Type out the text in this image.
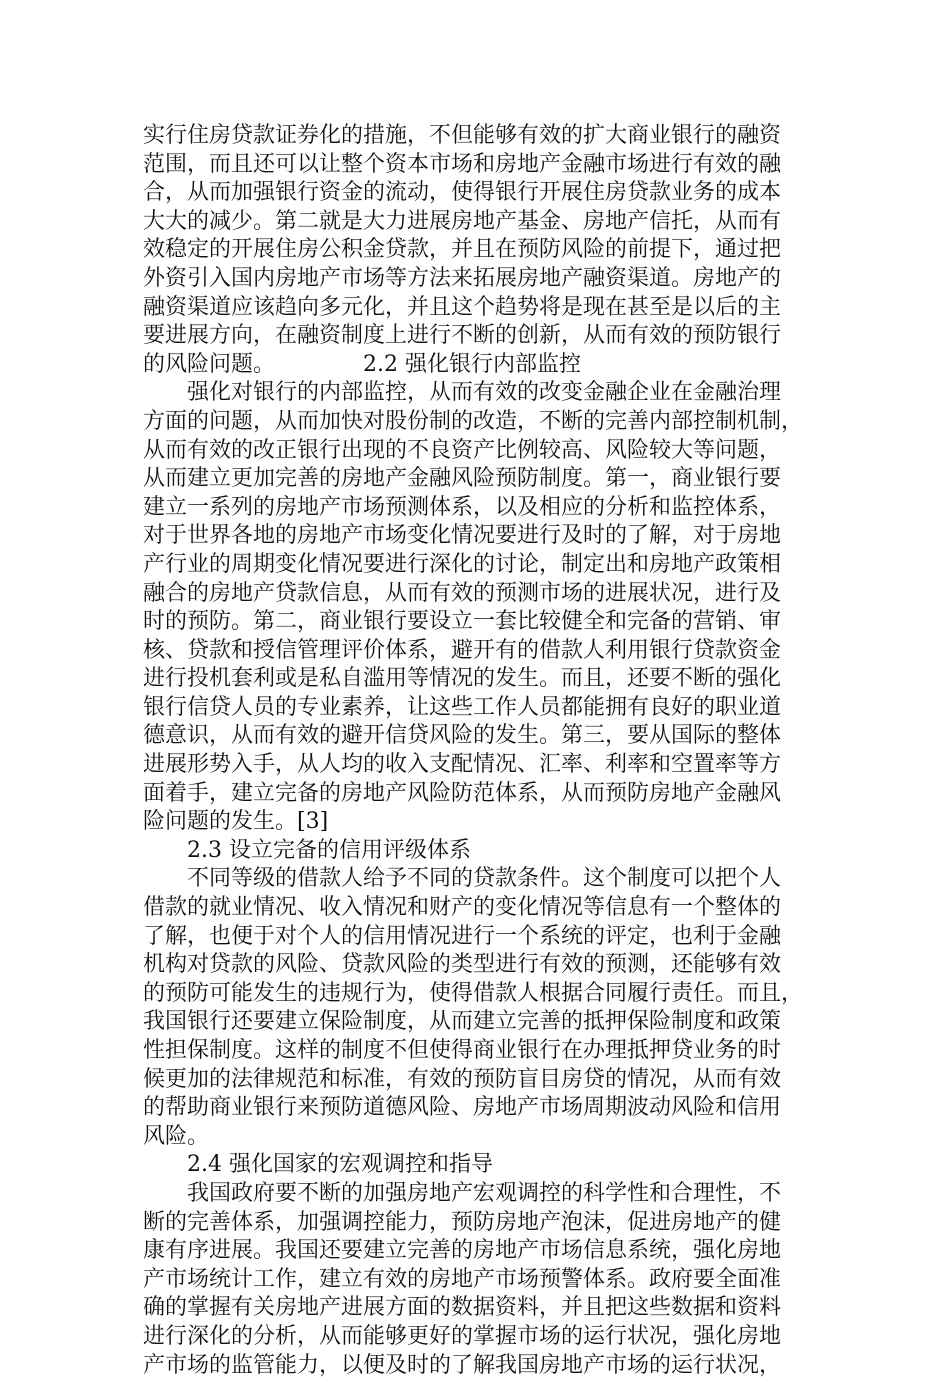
实行住房贷款证券化的措施，不但能够有效的扩大商业银行的融资
范围，而且还可以让整个资本市场和房地产金融市场进行有效的融
合，从而加强银行资金的流动，使得银行开展住房贷款业务的成本
大大的减少。第二就是大力进展房地产基金、房地产信托，从而有
效稳定的开展住房公积金贷款，并且在预防风险的前提下，通过把
外资引入国内房地产市场等方法来拓展房地产融资渠道。房地产的
融资渠道应该趋向多元化，并且这个趋势将是现在甚至是以后的主
要进展方向，在融资制度上进行不断的创新，从而有效的预防银行
的风险问题。	2.2 强化银行内部监控
　　强化对银行的内部监控，从而有效的改变金融企业在金融治理
方面的问题，从而加快对股份制的改造，不断的完善内部控制机制，
从而有效的改正银行出现的不良资产比例较高、风险较大等问题，
从而建立更加完善的房地产金融风险预防制度。第一，商业银行要
建立一系列的房地产市场预测体系，以及相应的分析和监控体系，
对于世界各地的房地产市场变化情况要进行及时的了解，对于房地
产行业的周期变化情况要进行深化的讨论，制定出和房地产政策相
融合的房地产贷款信息，从而有效的预测市场的进展状况，进行及
时的预防。第二，商业银行要设立一套比较健全和完备的营销、审
核、贷款和授信管理评价体系，避开有的借款人利用银行贷款资金
进行投机套利或是私自滥用等情况的发生。而且，还要不断的强化
银行信贷人员的专业素养，让这些工作人员都能拥有良好的职业道
德意识，从而有效的避开信贷风险的发生。第三，要从国际的整体
进展形势入手，从人均的收入支配情况、汇率、利率和空置率等方
面着手，建立完备的房地产风险防范体系，从而预防房地产金融风
险问题的发生。[3]
　　2.3 设立完备的信用评级体系
　　不同等级的借款人给予不同的贷款条件。这个制度可以把个人
借款的就业情况、收入情况和财产的变化情况等信息有一个整体的
了解，也便于对个人的信用情况进行一个系统的评定，也利于金融
机构对贷款的风险、贷款风险的类型进行有效的预测，还能够有效
的预防可能发生的违规行为，使得借款人根据合同履行责任。而且，
我国银行还要建立保险制度，从而建立完善的抵押保险制度和政策
性担保制度。这样的制度不但使得商业银行在办理抵押贷业务的时
候更加的法律规范和标准，有效的预防盲目房贷的情况，从而有效
的帮助商业银行来预防道德风险、房地产市场周期波动风险和信用
风险。
　　2.4 强化国家的宏观调控和指导
　　我国政府要不断的加强房地产宏观调控的科学性和合理性，不
断的完善体系，加强调控能力，预防房地产泡沫，促进房地产的健
康有序进展。我国还要建立完善的房地产市场信息系统，强化房地
产市场统计工作，建立有效的房地产市场预警体系。政府要全面准
确的掌握有关房地产进展方面的数据资料，并且把这些数据和资料
进行深化的分析，从而能够更好的掌握市场的运行状况，强化房地
产市场的监管能力，以便及时的了解我国房地产市场的运行状况，
